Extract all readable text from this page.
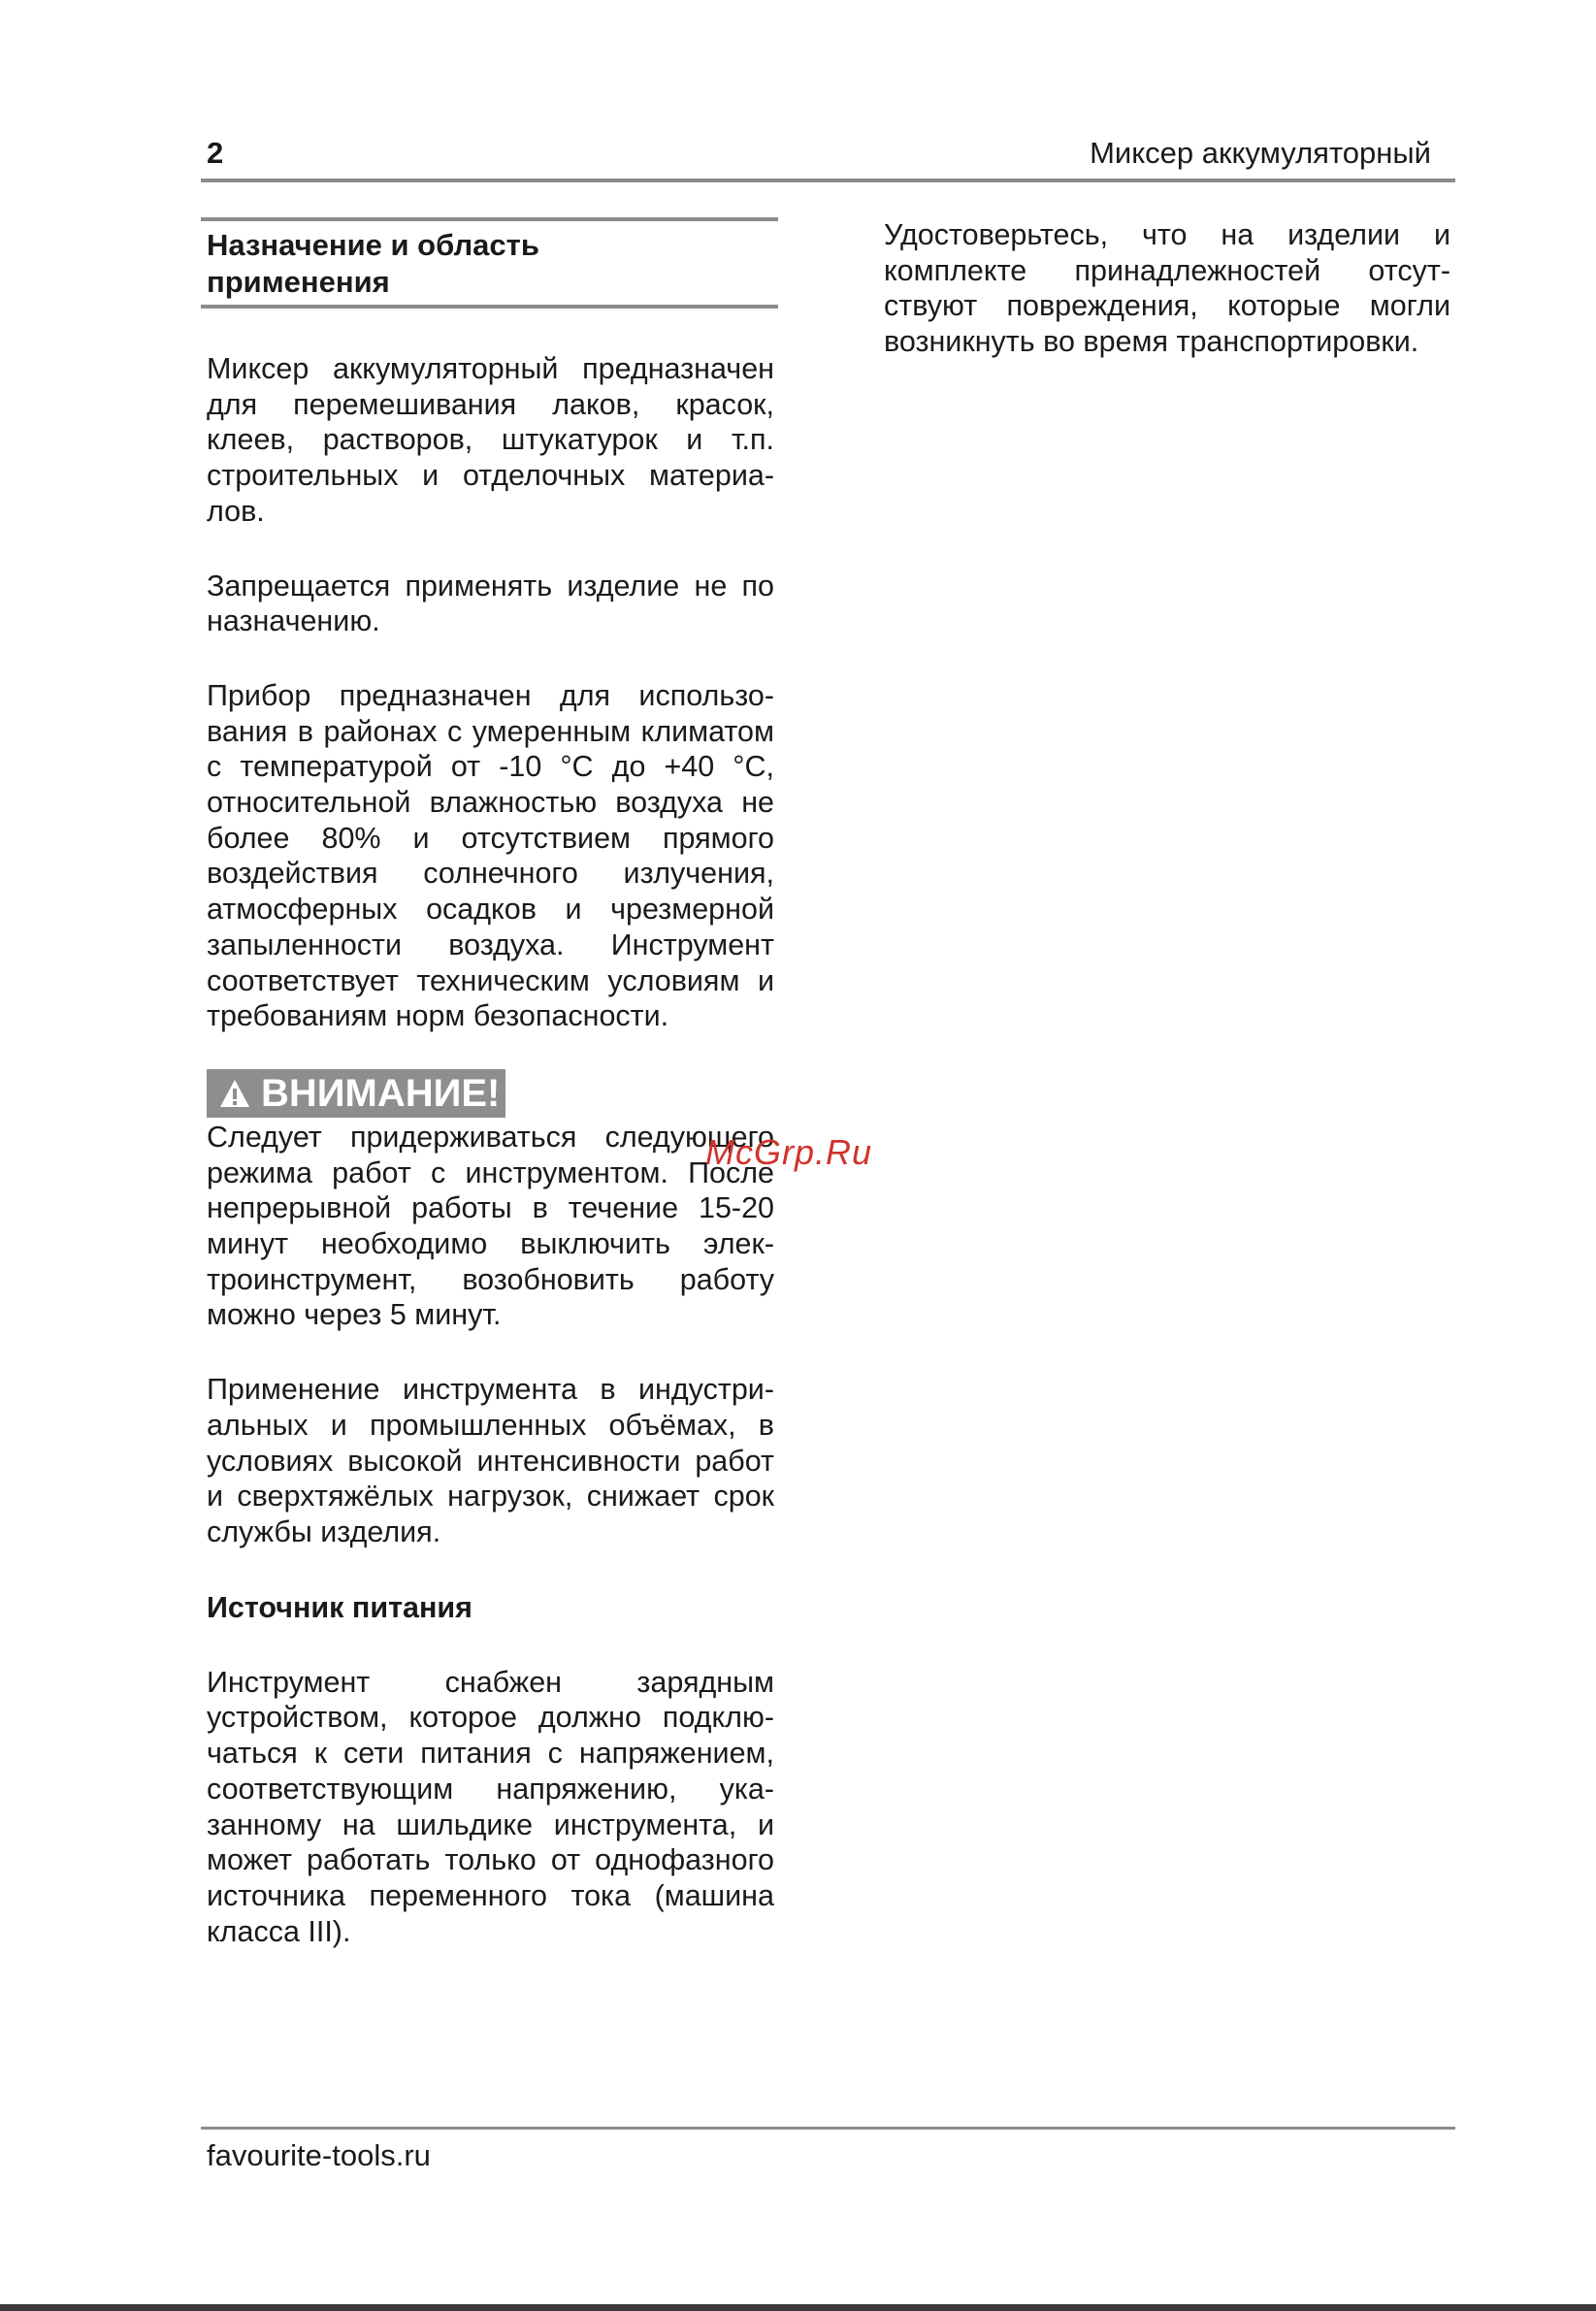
2	Миксер аккумуляторный
Назначение и область
применения

Миксер аккумуляторный предназначен для перемешивания лаков, красок, клеев, растворов, штукатурок и т.п. строительных и отделочных материалов.

Запрещается применять изделие не по назначению.

Прибор предназначен для использования в районах с умеренным климатом с температурой от -10 °C до +40 °C, относительной влажностью воздуха не более 80% и отсутствием прямого воздействия солнечного излучения, атмосферных осадков и чрезмерной запыленности воздуха. Инструмент соответствует техническим условиям и требованиям норм безопасности.

ВНИМАНИЕ!

Следует придерживаться следующего режима работ с инструментом. После непрерывной работы в течение 15-20 минут необходимо выключить электроинструмент, возобновить работу можно через 5 минут.

Применение инструмента в индустриальных и промышленных объёмах, в условиях высокой интенсивности работ и сверхтяжёлых нагрузок, снижает срок службы изделия.

Источник питания

Инструмент снабжен зарядным устройством, которое должно подключаться к сети питания с напряжением, соответствующим напряжению, указанному на шильдике инструмента, и может работать только от однофазного источника переменного тока (машина класса III).

Удостоверьтесь, что на изделии и комплекте принадлежностей отсутствуют повреждения, которые могли возникнуть во время транспортировки.

McGrp.Ru
favourite-tools.ru
